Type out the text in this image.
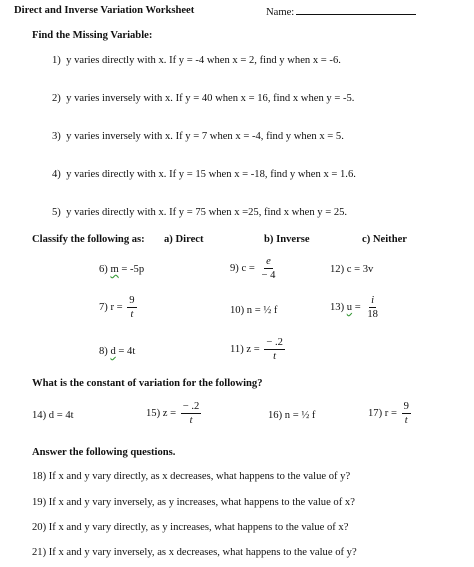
Direct and Inverse Variation Worksheet	Name:
Find the Missing Variable:
1) y varies directly with x. If y = -4 when x = 2, find y when x = -6.
2) y varies inversely with x. If y = 40 when x = 16, find x when y = -5.
3) y varies inversely with x. If y = 7 when x = -4, find y when x = 5.
4) y varies directly with x. If y = 15 when x = -18, find y when x = 1.6.
5) y varies directly with x. If y = 75 when x =25, find x when y = 25.
Classify the following as: a) Direct	b) Inverse	c) Neither
6) m = -5p	9) $c = \frac{e}{- 4}$	12) c = 3v
7) $r = \frac{9}{t}$	10) n = ½ f	13) $u = \frac{i}{18}$
8) d = 4t	11) $z = \frac{- .2}{t}$
What is the constant of variation for the following?
14) d = 4t	15) $z = \frac{- .2}{t}$	16) n = ½ f	17) $r = \frac{9}{t}$
Answer the following questions.
18) If x and y vary directly, as x decreases, what happens to the value of y?
19) If x and y vary inversely, as y increases, what happens to the value of x?
20) If x and y vary directly, as y increases, what happens to the value of x?
21) If x and y vary inversely, as x decreases, what happens to the value of y?
